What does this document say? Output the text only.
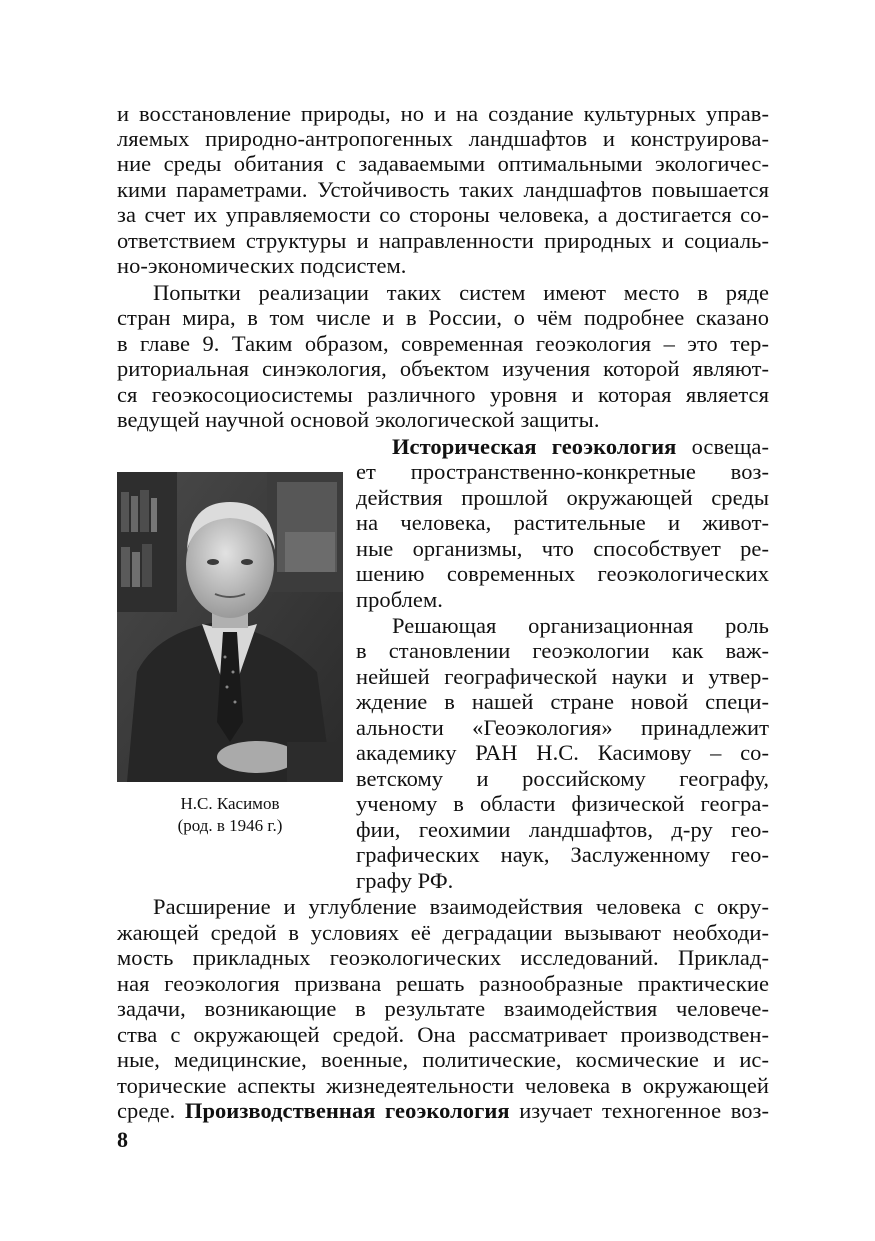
и восстановление природы, но и на создание культурных управ-
ляемых природно-антропогенных ландшафтов и конструирова-
ние среды обитания с задаваемыми оптимальными экологичес-
кими параметрами. Устойчивость таких ландшафтов повышается
за счет их управляемости со стороны человека, а достигается со-
ответствием структуры и направленности природных и социаль-
но-экономических подсистем.
Попытки реализации таких систем имеют место в ряде
стран мира, в том числе и в России, о чём подробнее сказано
в главе 9. Таким образом, современная геоэкология – это тер-
риториальная синэкология, объектом изучения которой являют-
ся геоэкосоциосистемы различного уровня и которая является
ведущей научной основой экологической защиты.
Н.С. Касимов
(род. в 1946 г.)
Историческая геоэкология освеща-
ет пространственно-конкретные воз-
действия прошлой окружающей среды
на человека, растительные и живот-
ные организмы, что способствует ре-
шению современных геоэкологических
проблем.
Решающая организационная роль
в становлении геоэкологии как важ-
нейшей географической науки и утвер-
ждение в нашей стране новой специ-
альности «Геоэкология» принадлежит
академику РАН Н.С. Касимову – со-
ветскому и российскому географу,
ученому в области физической геогра-
фии, геохимии ландшафтов, д-ру гео-
графических наук, Заслуженному гео-
графу РФ.
Расширение и углубление взаимодействия человека с окру-
жающей средой в условиях её деградации вызывают необходи-
мость прикладных геоэкологических исследований. Приклад-
ная геоэкология призвана решать разнообразные практические
задачи, возникающие в результате взаимодействия человече-
ства с окружающей средой. Она рассматривает производствен-
ные, медицинские, военные, политические, космические и ис-
торические аспекты жизнедеятельности человека в окружающей
среде. Производственная геоэкология изучает техногенное воз-
8
